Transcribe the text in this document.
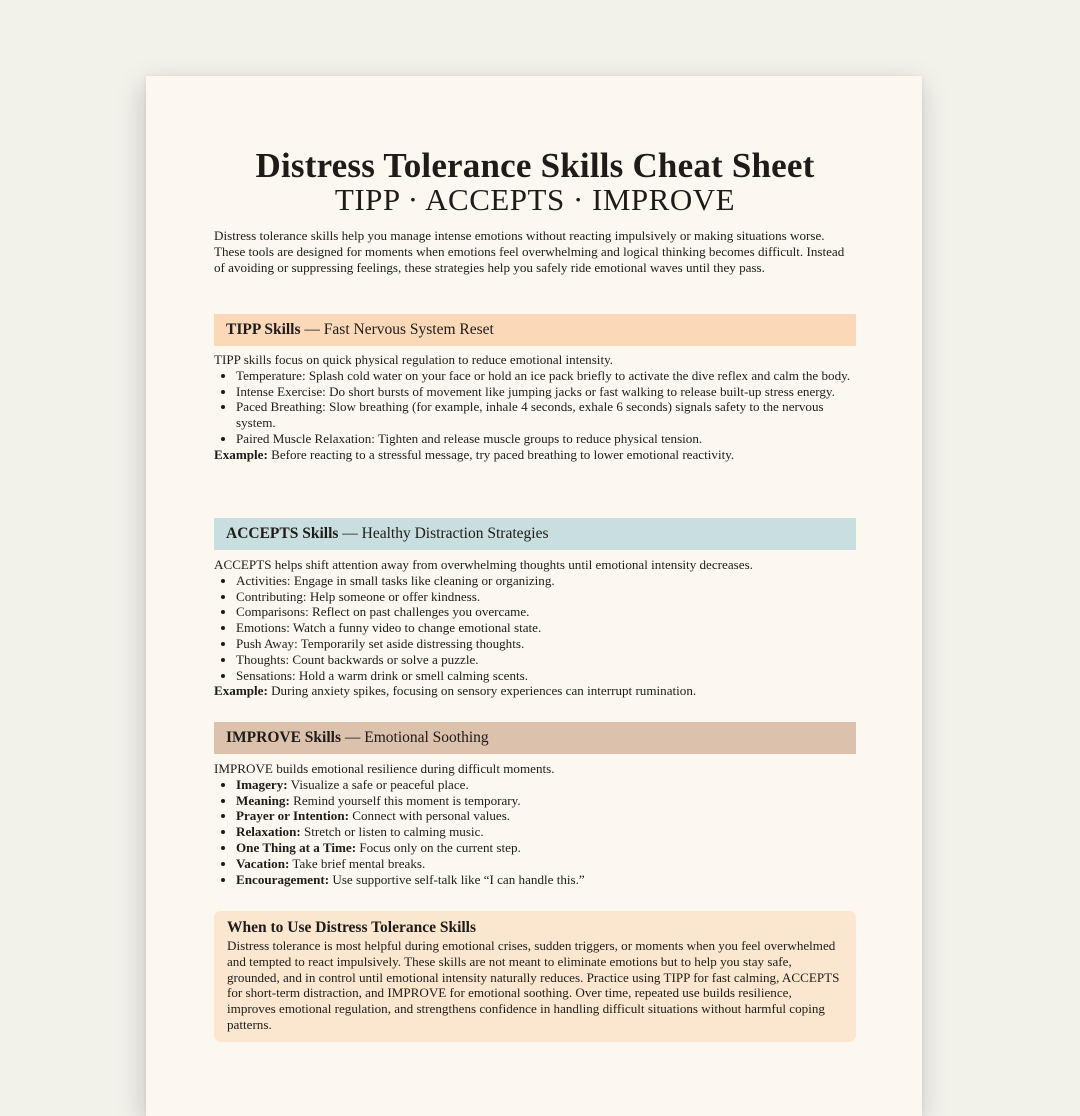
Distress Tolerance Skills Cheat Sheet
TIPP · ACCEPTS · IMPROVE
Distress tolerance skills help you manage intense emotions without reacting impulsively or making situations worse. These tools are designed for moments when emotions feel overwhelming and logical thinking becomes difficult. Instead of avoiding or suppressing feelings, these strategies help you safely ride emotional waves until they pass.
TIPP Skills — Fast Nervous System Reset

TIPP skills focus on quick physical regulation to reduce emotional intensity.

• Temperature: Splash cold water on your face or hold an ice pack briefly to activate the dive reflex and calm the body.
• Intense Exercise: Do short bursts of movement like jumping jacks or fast walking to release built-up stress energy.
• Paced Breathing: Slow breathing (for example, inhale 4 seconds, exhale 6 seconds) signals safety to the nervous system.
• Paired Muscle Relaxation: Tighten and release muscle groups to reduce physical tension.

Example: Before reacting to a stressful message, try paced breathing to lower emotional reactivity.

ACCEPTS Skills — Healthy Distraction Strategies

ACCEPTS helps shift attention away from overwhelming thoughts until emotional intensity decreases.

• Activities: Engage in small tasks like cleaning or organizing.
• Contributing: Help someone or offer kindness.
• Comparisons: Reflect on past challenges you overcame.
• Emotions: Watch a funny video to change emotional state.
• Push Away: Temporarily set aside distressing thoughts.
• Thoughts: Count backwards or solve a puzzle.
• Sensations: Hold a warm drink or smell calming scents.

Example: During anxiety spikes, focusing on sensory experiences can interrupt rumination.

IMPROVE Skills — Emotional Soothing

IMPROVE builds emotional resilience during difficult moments.

• Imagery: Visualize a safe or peaceful place.
• Meaning: Remind yourself this moment is temporary.
• Prayer or Intention: Connect with personal values.
• Relaxation: Stretch or listen to calming music.
• One Thing at a Time: Focus only on the current step.
• Vacation: Take brief mental breaks.
• Encouragement: Use supportive self-talk like “I can handle this.”
When to Use Distress Tolerance Skills

Distress tolerance is most helpful during emotional crises, sudden triggers, or moments when you feel overwhelmed and tempted to react impulsively. These skills are not meant to eliminate emotions but to help you stay safe, grounded, and in control until emotional intensity naturally reduces. Practice using TIPP for fast calming, ACCEPTS for short-term distraction, and IMPROVE for emotional soothing. Over time, repeated use builds resilience, improves emotional regulation, and strengthens confidence in handling difficult situations without harmful coping patterns.
